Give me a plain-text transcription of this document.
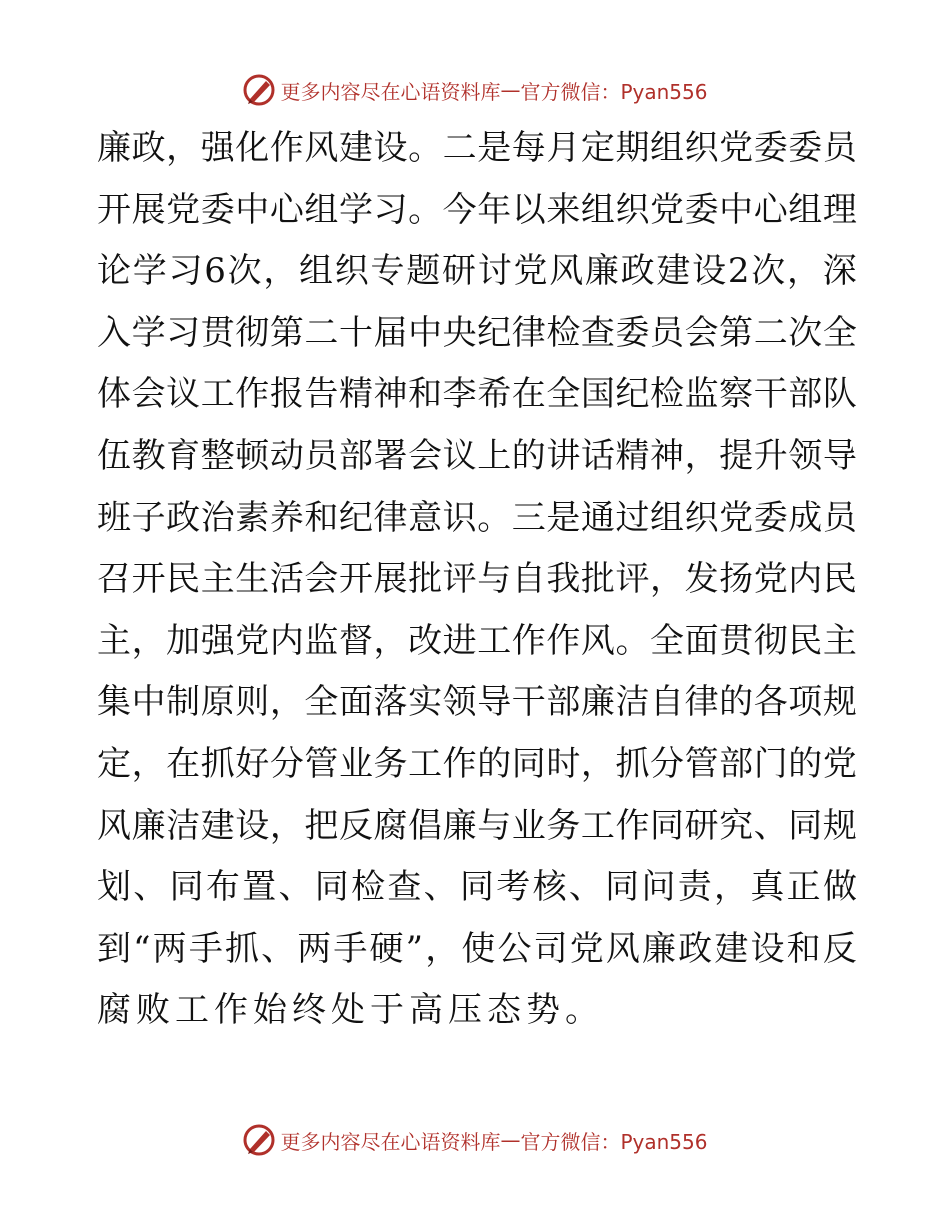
更多内容尽在心语资料库 — 官方微信：Pyan556
廉 政 ， 强 化 作 风 建 设 。 二 是 每 月 定 期 组 织 党 委 委 员
开 展 党 委 中 心 组 学 习 。 今 年 以 来 组 织 党 委 中 心 组 理
论 学 习 6 次 ， 组 织 专 题 研 讨 党 风 廉 政 建 设 2 次 ， 深
入 学 习 贯 彻 第 二 十 届 中 央 纪 律 检 查 委 员 会 第 二 次 全
体 会 议 工 作 报 告 精 神 和 李 希 在 全 国 纪 检 监 察 干 部 队
伍 教 育 整 顿 动 员 部 署 会 议 上 的 讲 话 精 神 ， 提 升 领 导
班 子 政 治 素 养 和 纪 律 意 识 。 三 是 通 过 组 织 党 委 成 员
召 开 民 主 生 活 会 开 展 批 评 与 自 我 批 评 ， 发 扬 党 内 民
主 ， 加 强 党 内 监 督 ， 改 进 工 作 作 风 。 全 面 贯 彻 民 主
集 中 制 原 则 ， 全 面 落 实 领 导 干 部 廉 洁 自 律 的 各 项 规
定 ， 在 抓 好 分 管 业 务 工 作 的 同 时 ， 抓 分 管 部 门 的 党
风 廉 洁 建 设 ， 把 反 腐 倡 廉 与 业 务 工 作 同 研 究 、 同 规
划 、 同 布 置 、 同 检 查 、 同 考 核 、 同 问 责 ， 真 正 做
到 “ 两 手 抓 、 两 手 硬 ” ， 使 公 司 党 风 廉 政 建 设 和 反
腐 败 工 作 始 终 处 于 高 压 态 势 。
更多内容尽在心语资料库 — 官方微信：Pyan556
